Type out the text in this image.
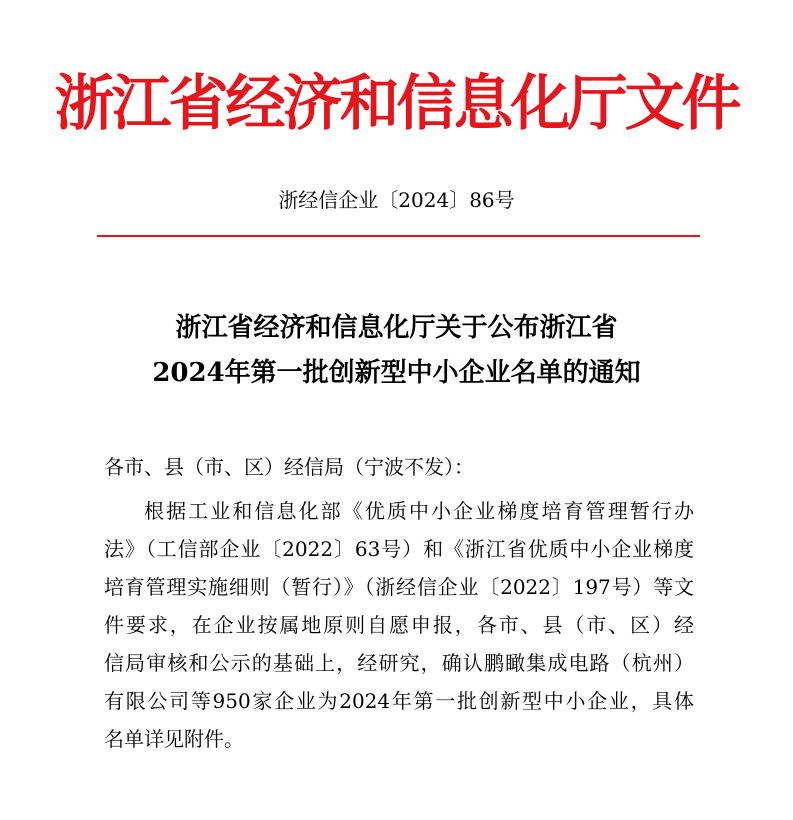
浙江省经济和信息化厅文件
浙经信企业〔2024〕86号
浙江省经济和信息化厅关于公布浙江省
2024年第一批创新型中小企业名单的通知
各市、县（市、区）经信局（宁波不发）：
根据工业和信息化部《优质中小企业梯度培育管理暂行办
法》（工信部企业〔2022〕63号）和《浙江省优质中小企业梯度
培育管理实施细则（暂行）》（浙经信企业〔2022〕197号）等文
件要求，在企业按属地原则自愿申报，各市、县（市、区）经
信局审核和公示的基础上，经研究，确认鹏瞰集成电路（杭州）
有限公司等950家企业为2024年第一批创新型中小企业，具体
名单详见附件。
